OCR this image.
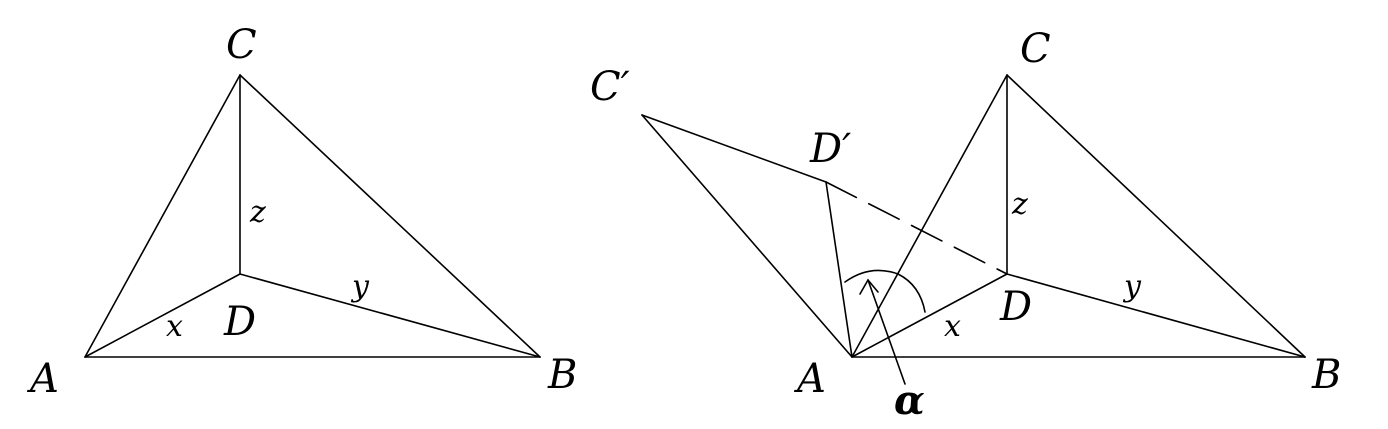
A	B
C
D
x
y
z
A	B
C
D
C′
D′
x
y
z
α
